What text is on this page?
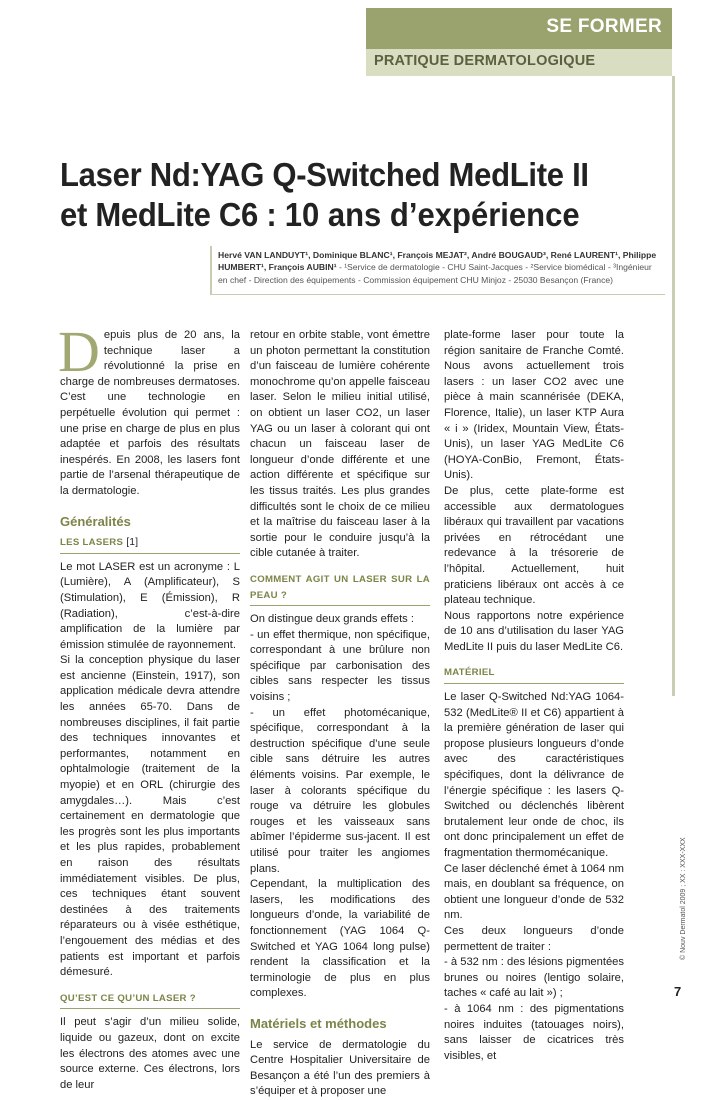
SE FORMER
PRATIQUE DERMATOLOGIQUE
Laser Nd:YAG Q-Switched MedLite II et MedLite C6 : 10 ans d’expérience
Hervé VAN LANDUYT¹, Dominique BLANC¹, François MEJAT², André BOUGAUD³, René LAURENT¹, Philippe HUMBERT¹, François AUBIN¹ - ¹Service de dermatologie - CHU Saint-Jacques - ²Service biomédical - ³Ingénieur en chef - Direction des équipements - Commission équipement CHU Minjoz - 25030 Besançon (France)

Depuis plus de 20 ans, la technique laser a révolutionné la prise en charge de nombreuses dermatoses. C’est une technologie en perpétuelle évolution qui permet : une prise en charge de plus en plus adaptée et parfois des résultats inespérés. En 2008, les lasers font partie de l’arsenal thérapeutique de la dermatologie.

Généralités
LES LASERS [1]

Le mot LASER est un acronyme : L (Lumière), A (Amplificateur), S (Stimulation), E (Émission), R (Radiation), c’est-à-dire amplification de la lumière par émission stimulée de rayonnement.

Si la conception physique du laser est ancienne (Einstein, 1917), son application médicale devra attendre les années 65-70. Dans de nombreuses disciplines, il fait partie des techniques innovantes et performantes, notamment en ophtalmologie (traitement de la myopie) et en ORL (chirurgie des amygdales…). Mais c’est certainement en dermatologie que les progrès sont les plus importants et les plus rapides, probablement en raison des résultats immédiatement visibles. De plus, ces techniques étant souvent destinées à des traitements réparateurs ou à visée esthétique, l’engouement des médias et des patients est important et parfois démesuré.

QU’EST CE QU’UN LASER ?

Il peut s’agir d’un milieu solide, liquide ou gazeux, dont on excite les électrons des atomes avec une source externe. Ces électrons, lors de leur

retour en orbite stable, vont émettre un photon permettant la constitution d’un faisceau de lumière cohérente monochrome qu’on appelle faisceau laser. Selon le milieu initial utilisé, on obtient un laser CO2, un laser YAG ou un laser à colorant qui ont chacun un faisceau laser de longueur d’onde différente et une action différente et spécifique sur les tissus traités. Les plus grandes difficultés sont le choix de ce milieu et la maîtrise du faisceau laser à la sortie pour le conduire jusqu’à la cible cutanée à traiter.

COMMENT AGIT UN LASER SUR LA PEAU ?

On distingue deux grands effets :

- un effet thermique, non spécifique, correspondant à une brûlure non spécifique par carbonisation des cibles sans respecter les tissus voisins ;

- un effet photomécanique, spécifique, correspondant à la destruction spécifique d’une seule cible sans détruire les autres éléments voisins. Par exemple, le laser à colorants spécifique du rouge va détruire les globules rouges et les vaisseaux sans abîmer l’épiderme sus-jacent. Il est utilisé pour traiter les angiomes plans.

Cependant, la multiplication des lasers, les modifications des longueurs d’onde, la variabilité de fonctionnement (YAG 1064 Q-Switched et YAG 1064 long pulse) rendent la classification et la terminologie de plus en plus complexes.

Matériels et méthodes

Le service de dermatologie du Centre Hospitalier Universitaire de Besançon a été l’un des premiers à s’équiper et à proposer une

plate-forme laser pour toute la région sanitaire de Franche Comté. Nous avons actuellement trois lasers : un laser CO2 avec une pièce à main scannérisée (DEKA, Florence, Italie), un laser KTP Aura « i » (Iridex, Mountain View, États-Unis), un laser YAG MedLite C6 (HOYA-ConBio, Fremont, États-Unis).

De plus, cette plate-forme est accessible aux dermatologues libéraux qui travaillent par vacations privées en rétrocédant une redevance à la trésorerie de l’hôpital. Actuellement, huit praticiens libéraux ont accès à ce plateau technique.

Nous rapportons notre expérience de 10 ans d’utilisation du laser YAG MedLite II puis du laser MedLite C6.

MATÉRIEL

Le laser Q-Switched Nd:YAG 1064-532 (MedLite® II et C6) appartient à la première génération de laser qui propose plusieurs longueurs d’onde avec des caractéristiques spécifiques, dont la délivrance de l’énergie spécifique : les lasers Q-Switched ou déclenchés libèrent brutalement leur onde de choc, ils ont donc principalement un effet de fragmentation thermomécanique.

Ce laser déclenché émet à 1064 nm mais, en doublant sa fréquence, on obtient une longueur d’onde de 532 nm.

Ces deux longueurs d’onde permettent de traiter :

- à 532 nm : des lésions pigmentées brunes ou noires (lentigo solaire, taches « café au lait ») ;

- à 1064 nm : des pigmentations noires induites (tatouages noirs), sans laisser de cicatrices très visibles, et

© Nouv Dermatol 2009 ; XX : XXX-XXX
7
